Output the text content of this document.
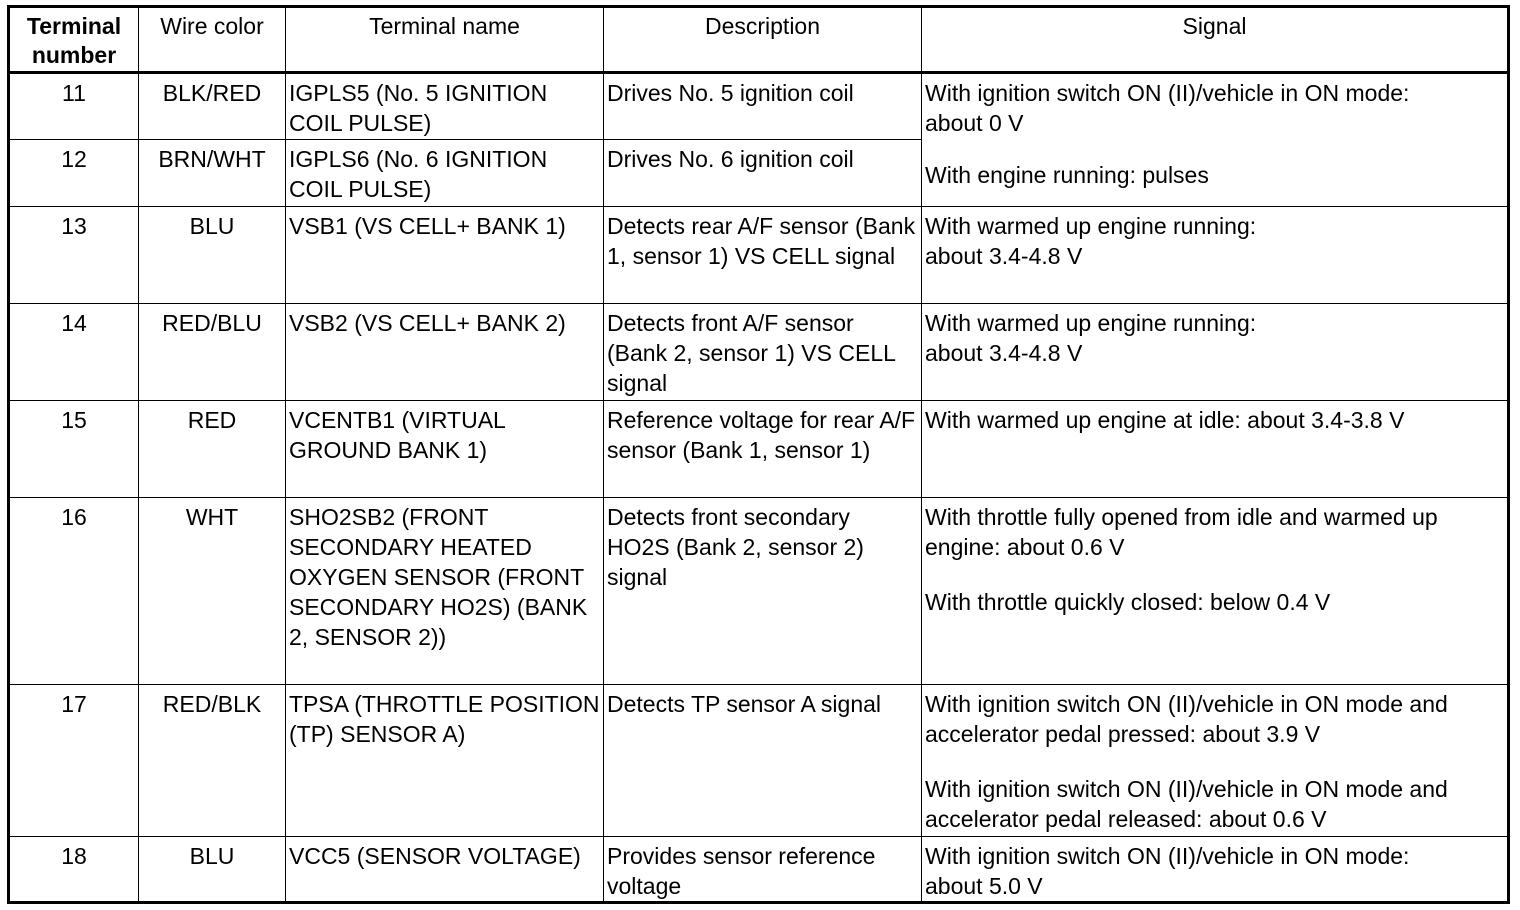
Terminal number	Wire color	Terminal name	Description	Signal
11	BLK/RED	IGPLS5 (No. 5 IGNITION COIL PULSE)	Drives No. 5 ignition coil	With ignition switch ON (II)/vehicle in ON mode:
about 0 V

12	BRN/WHT	IGPLS6 (No. 6 IGNITION COIL PULSE)	Drives No. 6 ignition coil	With engine running: pulses

13	BLU	VSB1 (VS CELL+ BANK 1)	Detects rear A/F sensor (Bank 1, sensor 1) VS CELL signal	With warmed up engine running:
about 3.4-4.8 V

14	RED/BLU	VSB2 (VS CELL+ BANK 2)	Detects front A/F sensor (Bank 2, sensor 1) VS CELL signal	With warmed up engine running:
about 3.4-4.8 V

15	RED	VCENTB1 (VIRTUAL GROUND BANK 1)	Reference voltage for rear A/F sensor (Bank 1, sensor 1)	With warmed up engine at idle: about 3.4-3.8 V

16	WHT	SHO2SB2 (FRONT SECONDARY HEATED OXYGEN SENSOR (FRONT SECONDARY HO2S) (BANK 2, SENSOR 2))	Detects front secondary HO2S (Bank 2, sensor 2) signal	With throttle fully opened from idle and warmed up engine: about 0.6 V
With throttle quickly closed: below 0.4 V

17	RED/BLK	TPSA (THROTTLE POSITION (TP) SENSOR A)	Detects TP sensor A signal	With ignition switch ON (II)/vehicle in ON mode and accelerator pedal pressed: about 3.9 V
With ignition switch ON (II)/vehicle in ON mode and accelerator pedal released: about 0.6 V

18	BLU	VCC5 (SENSOR VOLTAGE)	Provides sensor reference voltage	With ignition switch ON (II)/vehicle in ON mode:
about 5.0 V
